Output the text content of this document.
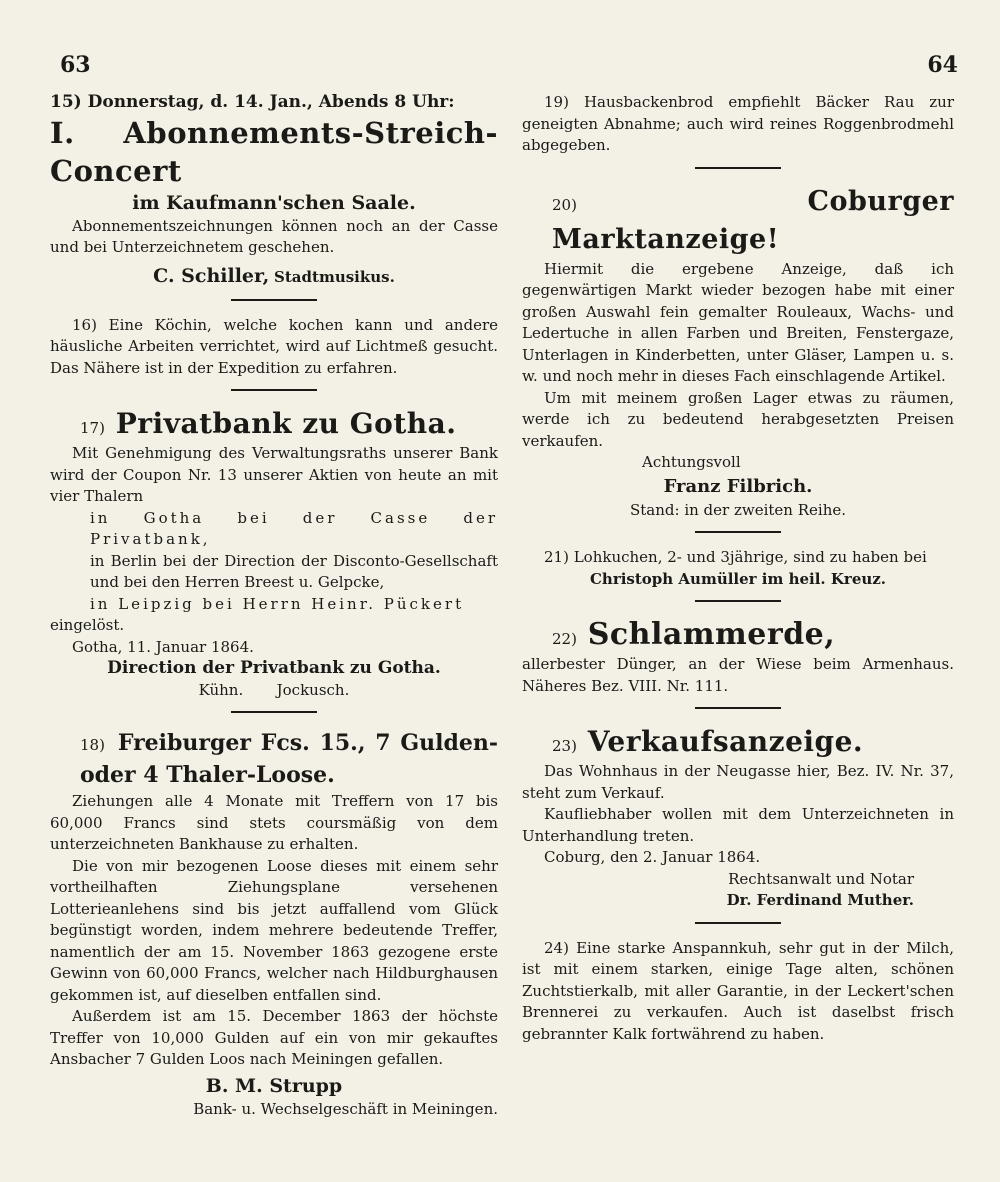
63	64

15) Donnerstag, d. 14. Jan., Abends 8 Uhr:

I. Abonnements-Streich-Concert

im Kaufmann'schen Saale.

Abonnementszeichnungen können noch an der Casse und bei Unterzeichnetem geschehen.

C. Schiller, Stadtmusikus.

16) Eine Köchin, welche kochen kann und andere häusliche Arbeiten verrichtet, wird auf Lichtmeß gesucht. Das Nähere ist in der Expedition zu erfahren.

17) Privatbank zu Gotha.

Mit Genehmigung des Verwaltungsraths unserer Bank wird der Coupon Nr. 13 unserer Aktien von heute an mit vier Thalern

in Gotha bei der Casse der Privatbank,

in Berlin bei der Direction der Disconto-Gesellschaft und bei den Herren Breest u. Gelpcke,

in Leipzig bei Herrn Heinr. Pückert

eingelöst.

Gotha, 11. Januar 1864.

Direction der Privatbank zu Gotha.

Kühn. Jockusch.

18) Freiburger Fcs. 15., 7 Gulden- oder 4 Thaler-Loose.

Ziehungen alle 4 Monate mit Treffern von 17 bis 60,000 Francs sind stets coursmäßig von dem unterzeichneten Bankhause zu erhalten.

Die von mir bezogenen Loose dieses mit einem sehr vortheilhaften Ziehungsplane versehenen Lotterieanlehens sind bis jetzt auffallend vom Glück begünstigt worden, indem mehrere bedeutende Treffer, namentlich der am 15. November 1863 gezogene erste Gewinn von 60,000 Francs, welcher nach Hildburghausen gekommen ist, auf dieselben entfallen sind.

Außerdem ist am 15. December 1863 der höchste Treffer von 10,000 Gulden auf ein von mir gekauftes Ansbacher 7 Gulden Loos nach Meiningen gefallen.

B. M. Strupp

Bank- u. Wechselgeschäft in Meiningen.

19) Hausbackenbrod empfiehlt Bäcker Rau zur geneigten Abnahme; auch wird reines Roggenbrodmehl abgegeben.

20)	Coburger Marktanzeige!

Hiermit die ergebene Anzeige, daß ich gegenwärtigen Markt wieder bezogen habe mit einer großen Auswahl fein gemalter Rouleaux, Wachs- und Ledertuche in allen Farben und Breiten, Fenstergaze, Unterlagen in Kinderbetten, unter Gläser, Lampen u. s. w. und noch mehr in dieses Fach einschlagende Artikel.

Um mit meinem großen Lager etwas zu räumen, werde ich zu bedeutend herabgesetzten Preisen verkaufen.

Achtungsvoll

Franz Filbrich.

Stand: in der zweiten Reihe.

21) Lohkuchen, 2- und 3jährige, sind zu haben bei

Christoph Aumüller im heil. Kreuz.

22) Schlammerde,

allerbester Dünger, an der Wiese beim Armenhaus. Näheres Bez. VIII. Nr. 111.

23) Verkaufsanzeige.

Das Wohnhaus in der Neugasse hier, Bez. IV. Nr. 37, steht zum Verkauf.

Kaufliebhaber wollen mit dem Unterzeichneten in Unterhandlung treten.

Coburg, den 2. Januar 1864.

Rechtsanwalt und Notar

Dr. Ferdinand Muther.

24) Eine starke Anspannkuh, sehr gut in der Milch, ist mit einem starken, einige Tage alten, schönen Zuchtstierkalb, mit aller Garantie, in der Leckert'schen Brennerei zu verkaufen. Auch ist daselbst frisch gebrannter Kalk fortwährend zu haben.
